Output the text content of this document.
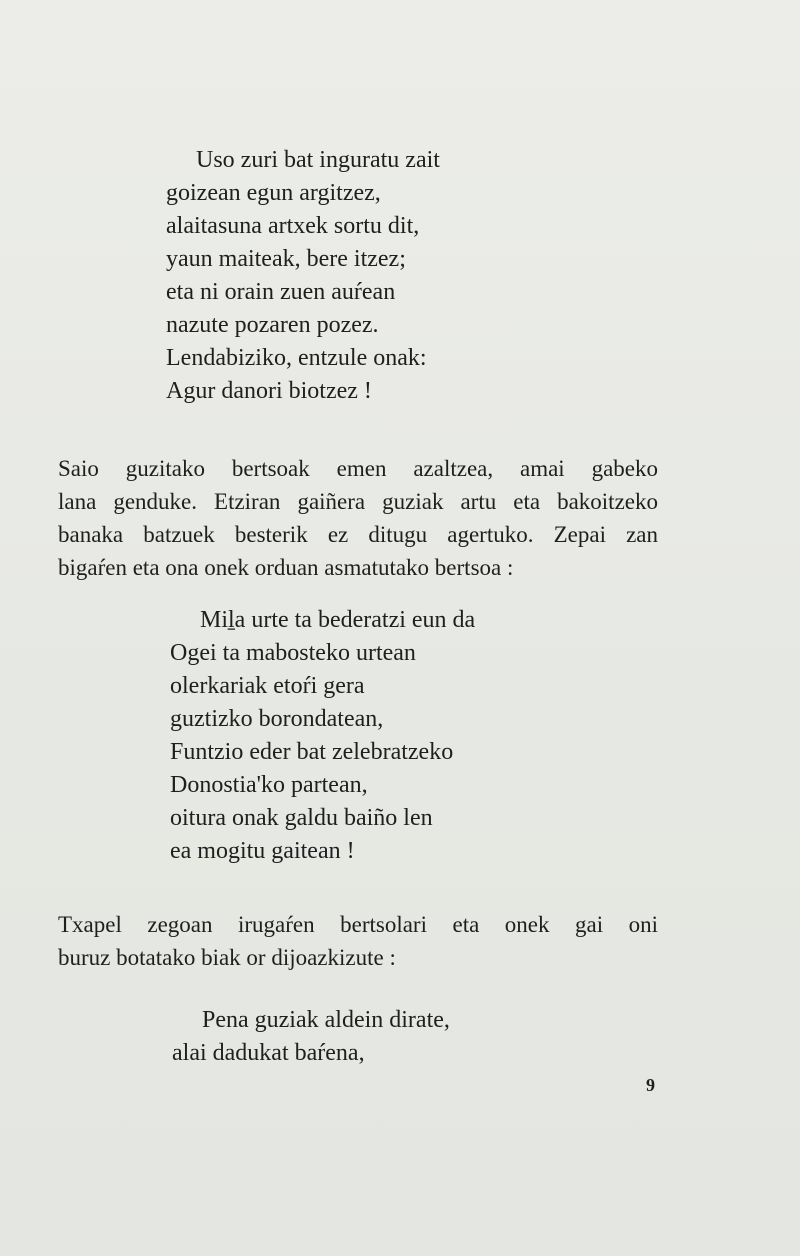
Uso zuri bat inguratu zait
goizean egun argitzez,
alaitasuna artxek sortu dit,
yaun maiteak, bere itzez;
eta ni orain zuen auŕean
nazute pozaren pozez.
Lendabiziko, entzule onak:
Agur danori biotzez !

Saio guzitako bertsoak emen azaltzea, amai gabeko
lana genduke. Etziran gaiñera guziak artu eta bakoitzeko
banaka batzuek besterik ez ditugu agertuko. Zepai zan
bigaŕen eta ona onek orduan asmatutako bertsoa :

Miḻa urte ta bederatzi eun da
Ogei ta mabosteko urtean
olerkariak etoŕi gera
guztizko borondatean,
Funtzio eder bat zelebratzeko
Donostia'ko partean,
oitura onak galdu baiño len
ea mogitu gaitean !

Txapel zegoan irugaŕen bertsolari eta onek gai oni
buruz botatako biak or dijoazkizute :

Pena guziak aldein dirate,
alai dadukat baŕena,
9
